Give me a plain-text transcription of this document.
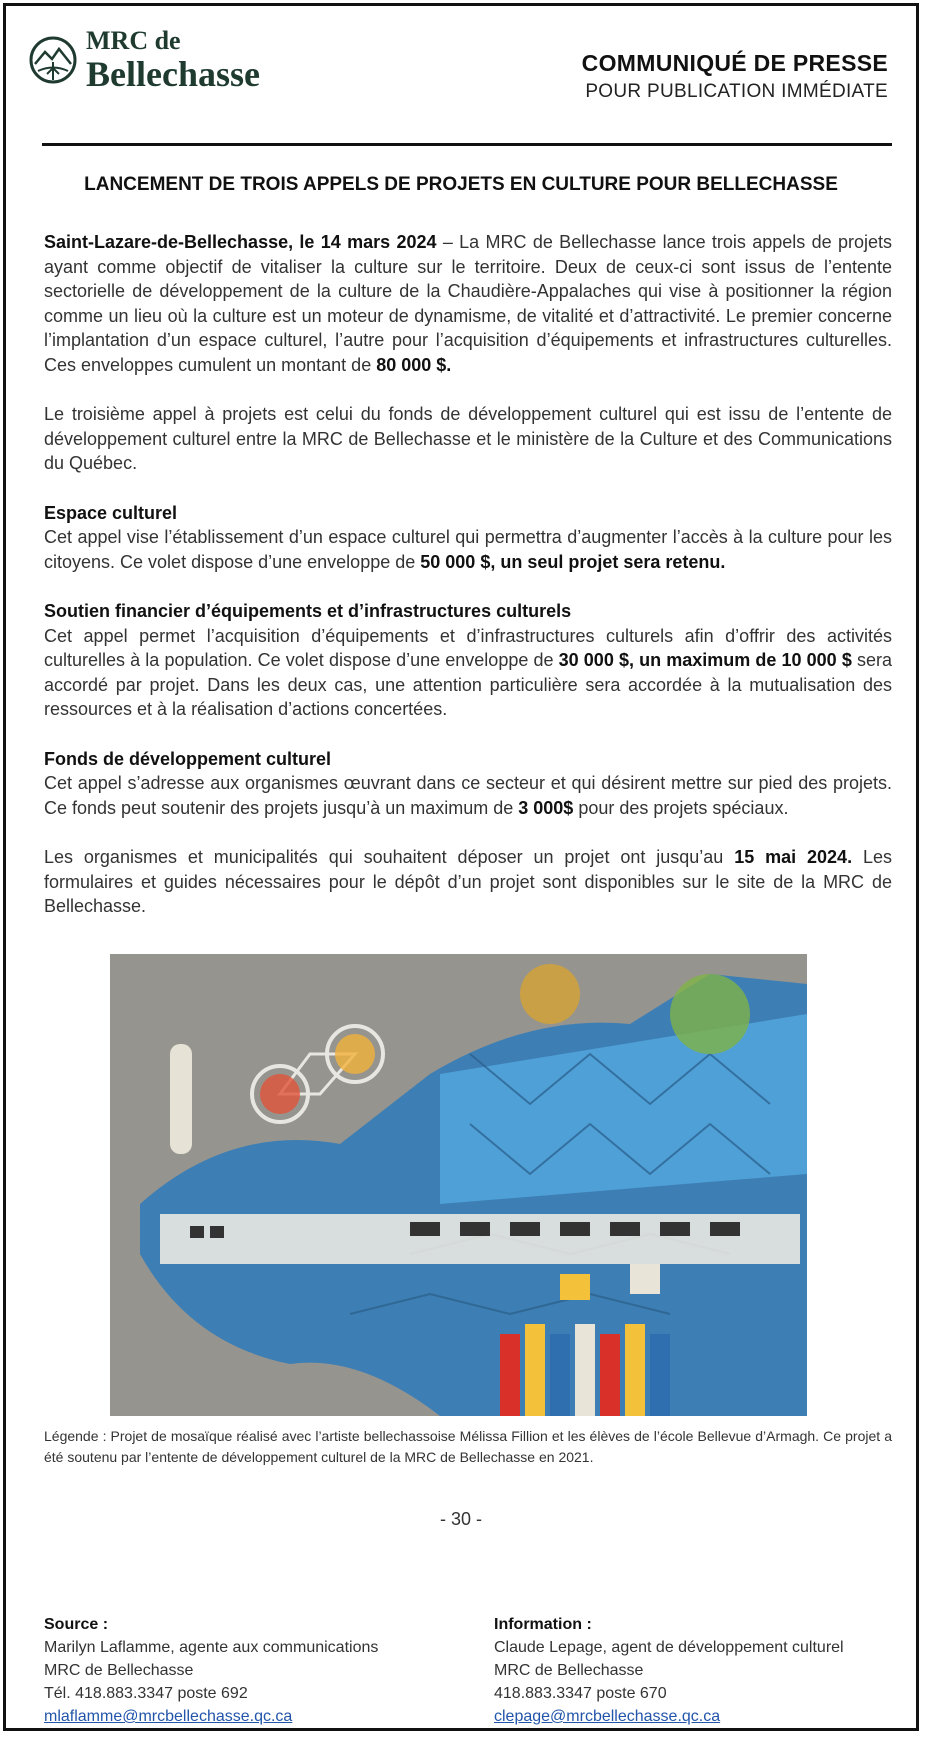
MRC de
Bellechasse	COMMUNIQUÉ DE PRESSE
POUR PUBLICATION IMMÉDIATE
LANCEMENT DE TROIS APPELS DE PROJETS EN CULTURE POUR BELLECHASSE

Saint-Lazare-de-Bellechasse, le 14 mars 2024 – La MRC de Bellechasse lance trois appels de projets ayant comme objectif de vitaliser la culture sur le territoire. Deux de ceux-ci sont issus de l’entente sectorielle de développement de la culture de la Chaudière-Appalaches qui vise à positionner la région comme un lieu où la culture est un moteur de dynamisme, de vitalité et d’attractivité. Le premier concerne l’implantation d’un espace culturel, l’autre pour l’acquisition d’équipements et infrastructures culturelles. Ces enveloppes cumulent un montant de 80 000 $.

Le troisième appel à projets est celui du fonds de développement culturel qui est issu de l’entente de développement culturel entre la MRC de Bellechasse et le ministère de la Culture et des Communications du Québec.

Espace culturel

Cet appel vise l’établissement d’un espace culturel qui permettra d’augmenter l’accès à la culture pour les citoyens. Ce volet dispose d’une enveloppe de 50 000 $, un seul projet sera retenu.

Soutien financier d’équipements et d’infrastructures culturels

Cet appel permet l’acquisition d’équipements et d’infrastructures culturels afin d’offrir des activités culturelles à la population. Ce volet dispose d’une enveloppe de 30 000 $, un maximum de 10 000 $ sera accordé par projet. Dans les deux cas, une attention particulière sera accordée à la mutualisation des ressources et à la réalisation d’actions concertées.

Fonds de développement culturel

Cet appel s’adresse aux organismes œuvrant dans ce secteur et qui désirent mettre sur pied des projets. Ce fonds peut soutenir des projets jusqu’à un maximum de 3 000$ pour des projets spéciaux.

Les organismes et municipalités qui souhaitent déposer un projet ont jusqu’au 15 mai 2024. Les formulaires et guides nécessaires pour le dépôt d’un projet sont disponibles sur le site de la MRC de Bellechasse.

Légende : Projet de mosaïque réalisé avec l’artiste bellechassoise Mélissa Fillion et les élèves de l’école Bellevue d’Armagh. Ce projet a été soutenu par l’entente de développement culturel de la MRC de Bellechasse en 2021.
- 30 -
Source :
Marilyn Laflamme, agente aux communications
MRC de Bellechasse
Tél. 418.883.3347 poste 692
mlaflamme@mrcbellechasse.qc.ca
Information :
Claude Lepage, agent de développement culturel
MRC de Bellechasse
418.883.3347 poste 670
clepage@mrcbellechasse.qc.ca
